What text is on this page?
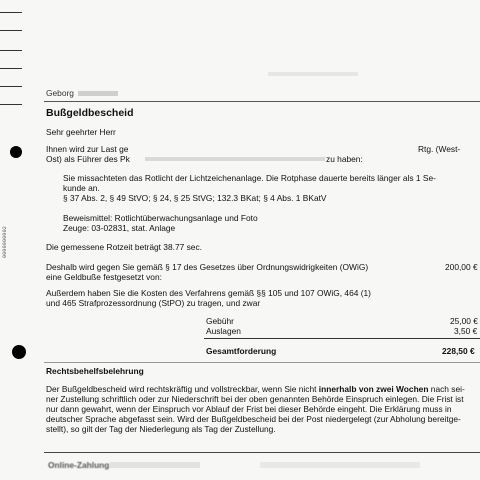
0000000002
Geborg
Bußgeldbescheid
Sehr geehrter Herr
Ihnen wird zur Last ge	Rtg. (West-
Ost) als Führer des Pk	zu haben:
Sie missachteten das Rotlicht der Lichtzeichenanlage. Die Rotphase dauerte bereits länger als 1 Se-
kunde an.
§ 37 Abs. 2, § 49 StVO; § 24, § 25 StVG; 132.3 BKat; § 4 Abs. 1 BKatV
Beweismittel: Rotlichtüberwachungsanlage und Foto
Zeuge: 03-02831, stat. Anlage
Die gemessene Rotzeit beträgt 38.77 sec.
Deshalb wird gegen Sie gemäß § 17 des Gesetzes über Ordnungswidrigkeiten (OWiG)
eine Geldbuße festgesetzt von:
200,00 €
Außerdem haben Sie die Kosten des Verfahrens gemäß §§ 105 und 107 OWiG, 464 (1)
und 465 Strafprozessordnung (StPO) zu tragen, und zwar
Gebühr	25,00 €
Auslagen	3,50 €
Gesamtforderung	228,50 €
Rechtsbehelfsbelehrung
Der Bußgeldbescheid wird rechtskräftig und vollstreckbar, wenn Sie nicht innerhalb von zwei Wochen nach sei-
ner Zustellung schriftlich oder zur Niederschrift bei der oben genannten Behörde Einspruch einlegen. Die Frist ist
nur dann gewahrt, wenn der Einspruch vor Ablauf der Frist bei dieser Behörde eingeht. Die Erklärung muss in
deutscher Sprache abgefasst sein. Wird der Bußgeldbescheid bei der Post niedergelegt (zur Abholung bereitge-
stellt), so gilt der Tag der Niederlegung als Tag der Zustellung.
Online-Zahlung
